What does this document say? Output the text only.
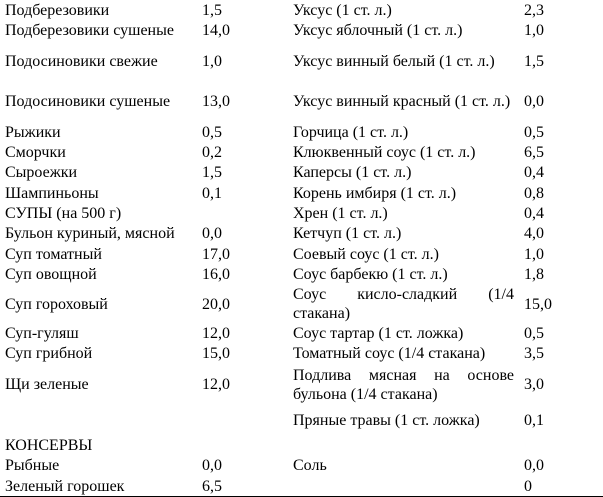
Подберезовики	1,5	Уксус (1 ст. л.)	2,3
Подберезовики сушеные	14,0	Уксус яблочный (1 ст. л.)	1,0
Подосиновики свежие	1,0	Уксус винный белый (1 ст. л.)	1,5
Подосиновики сушеные	13,0	Уксус винный красный (1 ст. л.)	0,0
Рыжики	0,5	Горчица (1 ст. л.)	0,5
Сморчки	0,2	Клюквенный соус (1 ст. л.)	6,5
Сыроежки	1,5	Каперсы (1 ст. л.)	0,4
Шампиньоны	0,1	Корень имбиря (1 ст. л.)	0,8
СУПЫ (на 500 г)		Хрен (1 ст. л.)	0,4
Бульон куриный, мясной	0,0	Кетчуп (1 ст. л.)	4,0
Суп томатный	17,0	Соевый соус (1 ст. л.)	1,0
Суп овощной	16,0	Соус барбекю (1 ст. л.)	1,8
Суп гороховый	20,0	Соус кисло-сладкий (1/4 стакана)	15,0
Суп-гуляш	12,0	Соус тартар (1 ст. ложка)	0,5
Суп грибной	15,0	Томатный соус (1/4 стакана)	3,5
Щи зеленые	12,0	Подлива мясная на основе бульона (1/4 стакана)	3,0
		Пряные травы (1 ст. ложка)	0,1
КОНСЕРВЫ			
Рыбные	0,0	Соль	0,0
Зеленый горошек	6,5		0
